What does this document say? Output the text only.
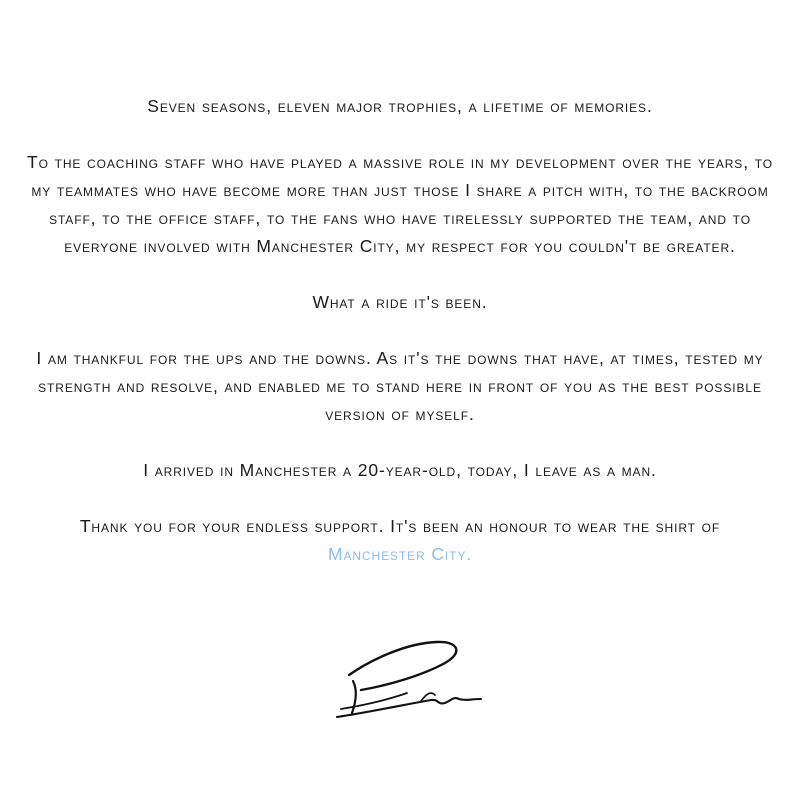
Seven seasons, eleven major trophies, a lifetime of memories.

To the coaching staff who have played a massive role in my development over the years, to my teammates who have become more than just those I share a pitch with, to the backroom staff, to the office staff, to the fans who have tirelessly supported the team, and to everyone involved with Manchester City, my respect for you couldn't be greater.

What a ride it's been.

I am thankful for the ups and the downs. As it's the downs that have, at times, tested my strength and resolve, and enabled me to stand here in front of you as the best possible version of myself.

I arrived in Manchester a 20-year-old, today, I leave as a man.

Thank you for your endless support. It's been an honour to wear the shirt of
Manchester City.
